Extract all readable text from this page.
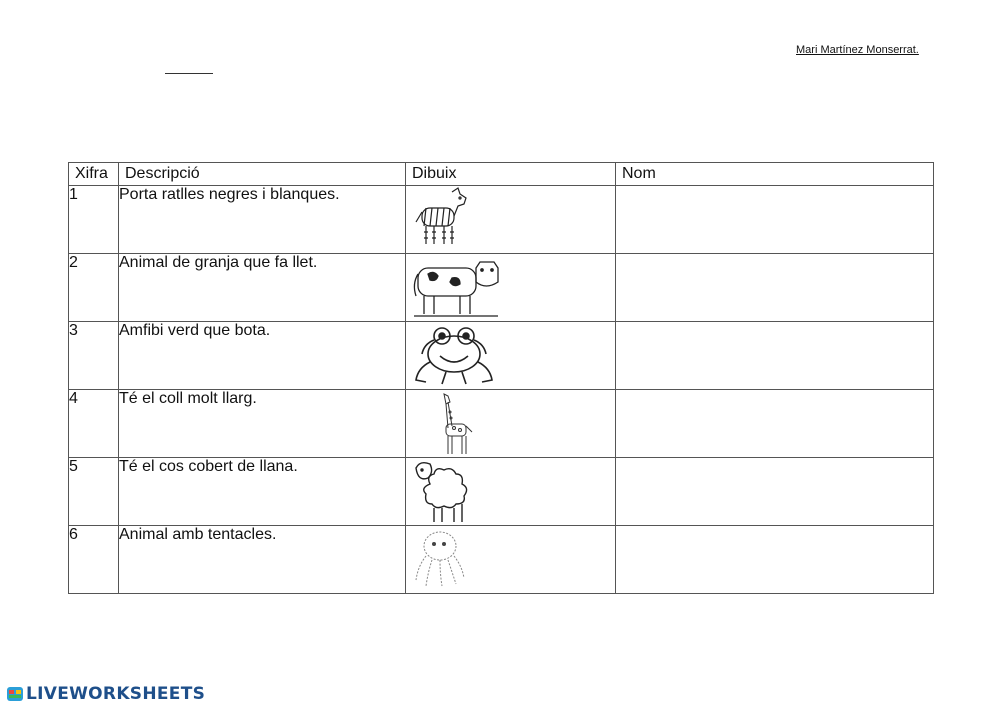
Mari Martínez Monserrat.
Xifra	Descripció	Dibuix	Nom
1	Porta ratlles negres i blanques.	

2	Animal de granja que fa llet.	

3	Amfibi verd que bota.	

4	Té el coll molt llarg.	

5	Té el cos cobert de llana.	

6	Animal amb tentacles.	

LIVEWORKSHEETS
